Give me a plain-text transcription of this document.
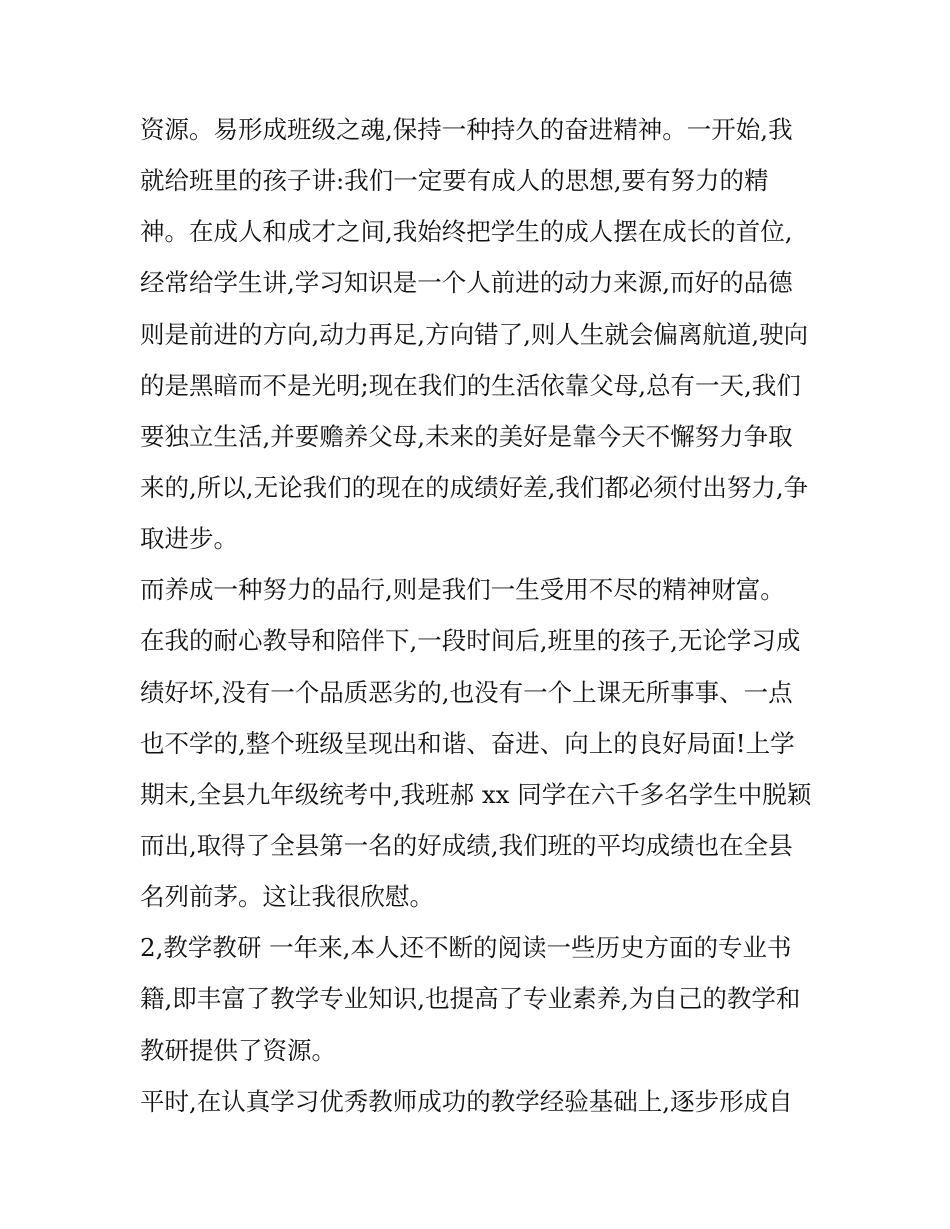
资源。易形成班级之魂,保持一种持久的奋进精神。一开始,我
就给班里的孩子讲:我们一定要有成人的思想,要有努力的精
神。在成人和成才之间,我始终把学生的成人摆在成长的首位,
经常给学生讲,学习知识是一个人前进的动力来源,而好的品德
则是前进的方向,动力再足,方向错了,则人生就会偏离航道,驶向
的是黑暗而不是光明;现在我们的生活依靠父母,总有一天,我们
要独立生活,并要赡养父母,未来的美好是靠今天不懈努力争取
来的,所以,无论我们的现在的成绩好差,我们都必须付出努力,争
取进步。
而养成一种努力的品行,则是我们一生受用不尽的精神财富。
在我的耐心教导和陪伴下,一段时间后,班里的孩子,无论学习成
绩好坏,没有一个品质恶劣的,也没有一个上课无所事事、一点
也不学的,整个班级呈现出和谐、奋进、向上的良好局面!上学
期末,全县九年级统考中,我班郝 xx 同学在六千多名学生中脱颖
而出,取得了全县第一名的好成绩,我们班的平均成绩也在全县
名列前茅。这让我很欣慰。
2,教学教研 一年来,本人还不断的阅读一些历史方面的专业书
籍,即丰富了教学专业知识,也提高了专业素养,为自己的教学和
教研提供了资源。
平时,在认真学习优秀教师成功的教学经验基础上,逐步形成自
